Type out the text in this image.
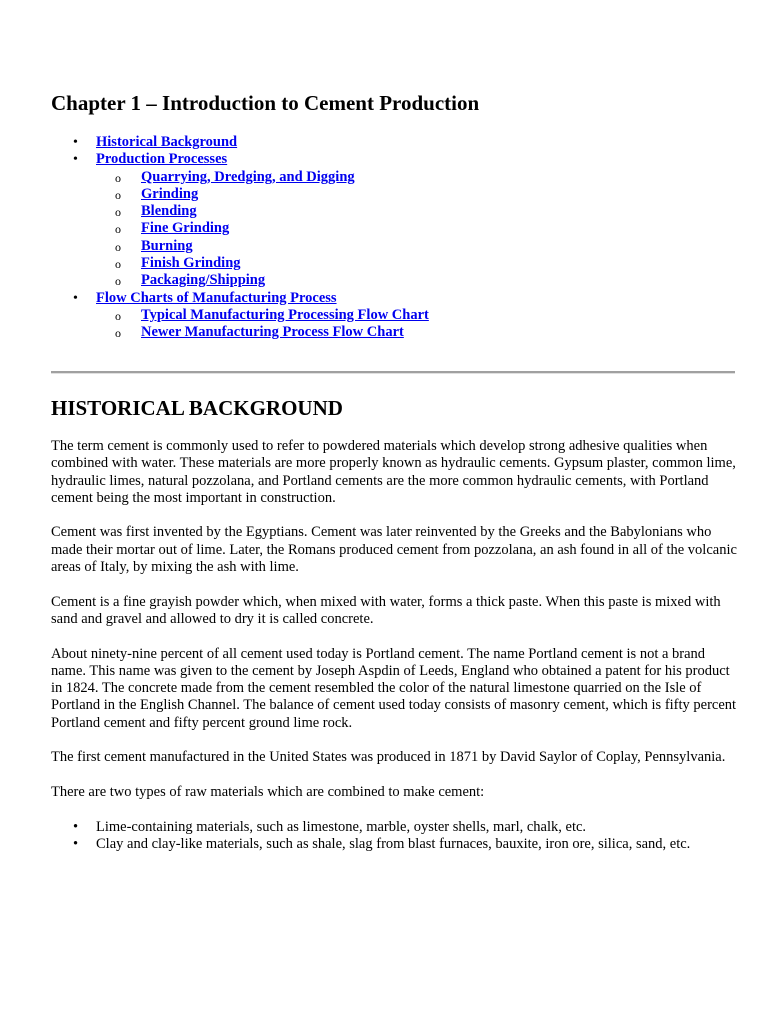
Chapter 1 – Introduction to Cement Production
• Historical Background
• Production Processes
o Quarrying, Dredging, and Digging
o Grinding
o Blending
o Fine Grinding
o Burning
o Finish Grinding
o Packaging/Shipping
• Flow Charts of Manufacturing Process
o Typical Manufacturing Processing Flow Chart
o Newer Manufacturing Process Flow Chart
HISTORICAL BACKGROUND

The term cement is commonly used to refer to powdered materials which develop strong adhesive qualities when combined with water. These materials are more properly known as hydraulic cements. Gypsum plaster, common lime, hydraulic limes, natural pozzolana, and Portland cements are the more common hydraulic cements, with Portland cement being the most important in construction.

Cement was first invented by the Egyptians. Cement was later reinvented by the Greeks and the Babylonians who made their mortar out of lime. Later, the Romans produced cement from pozzolana, an ash found in all of the volcanic areas of Italy, by mixing the ash with lime.

Cement is a fine grayish powder which, when mixed with water, forms a thick paste. When this paste is mixed with sand and gravel and allowed to dry it is called concrete.

About ninety-nine percent of all cement used today is Portland cement. The name Portland cement is not a brand name. This name was given to the cement by Joseph Aspdin of Leeds, England who obtained a patent for his product in 1824. The concrete made from the cement resembled the color of the natural limestone quarried on the Isle of Portland in the English Channel. The balance of cement used today consists of masonry cement, which is fifty percent Portland cement and fifty percent ground lime rock.

The first cement manufactured in the United States was produced in 1871 by David Saylor of Coplay, Pennsylvania.

There are two types of raw materials which are combined to make cement:

• Lime-containing materials, such as limestone, marble, oyster shells, marl, chalk, etc.
• Clay and clay-like materials, such as shale, slag from blast furnaces, bauxite, iron ore, silica, sand, etc.
